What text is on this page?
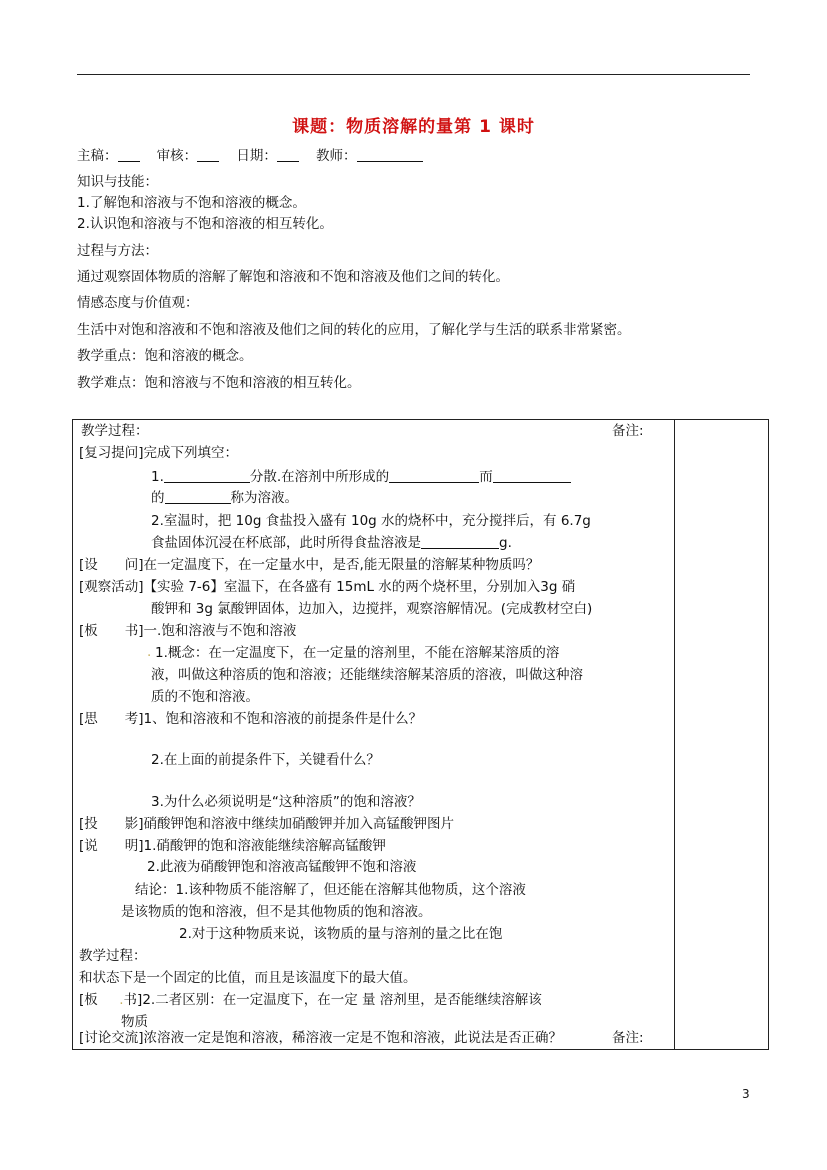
课题：物质溶解的量第 1 课时
主稿：	审核：	日期：	教师：
知识与技能：
1.了解饱和溶液与不饱和溶液的概念。
2.认识饱和溶液与不饱和溶液的相互转化。
过程与方法：
通过观察固体物质的溶解了解饱和溶液和不饱和溶液及他们之间的转化。
情感态度与价值观：
生活中对饱和溶液和不饱和溶液及他们之间的转化的应用，了解化学与生活的联系非常紧密。
教学重点：饱和溶液的概念。
教学难点：饱和溶液与不饱和溶液的相互转化。
教学过程：	备注:
[复习提问]完成下列填空：
1.	分散.在溶剂中所形成的	而
的	称为溶液。
2.室温时，把 10g 食盐投入盛有 10g 水的烧杯中，充分搅拌后，有 6.7g
食盐固体沉浸在杯底部，此时所得食盐溶液是	g.
[设　　问]在一定温度下，在一定量水中，是否,能无限量的溶解某种物质吗？
[观察活动]【实验 7-6】室温下，在各盛有 15mL 水的两个烧杯里，分别加入3g 硝
酸钾和 3g 氯酸钾固体，边加入，边搅拌，观察溶解情况。(完成教材空白)
[板　　书]一.饱和溶液与不饱和溶液
. 1.概念：在一定温度下，在一定量的溶剂里，不能在溶解某溶质的溶
液，叫做这种溶质的饱和溶液；还能继续溶解某溶质的溶液，叫做这种溶
质的不饱和溶液。
[思　　考]1、饱和溶液和不饱和溶液的前提条件是什么？
2.在上面的前提条件下，关键看什么？
3.为什么必须说明是“这种溶质”的饱和溶液？
[投　　影]硝酸钾饱和溶液中继续加硝酸钾并加入高锰酸钾图片
[说　　明]1.硝酸钾的饱和溶液能继续溶解高锰酸钾
2.此液为硝酸钾饱和溶液高锰酸钾不饱和溶液
结论：1.该种物质不能溶解了，但还能在溶解其他物质，这个溶液
是该物质的饱和溶液，但不是其他物质的饱和溶液。
2.对于这种物质来说，该物质的量与溶剂的量之比在饱
教学过程：
和状态下是一个固定的比值，而且是该温度下的最大值。
[板 .书]2.二者区别：在一定温度下，在一定 量 溶剂里，是否能继续溶解该
物质
[讨论交流]浓溶液一定是饱和溶液，稀溶液一定是不饱和溶液，此说法是否正确？	备注:
3
